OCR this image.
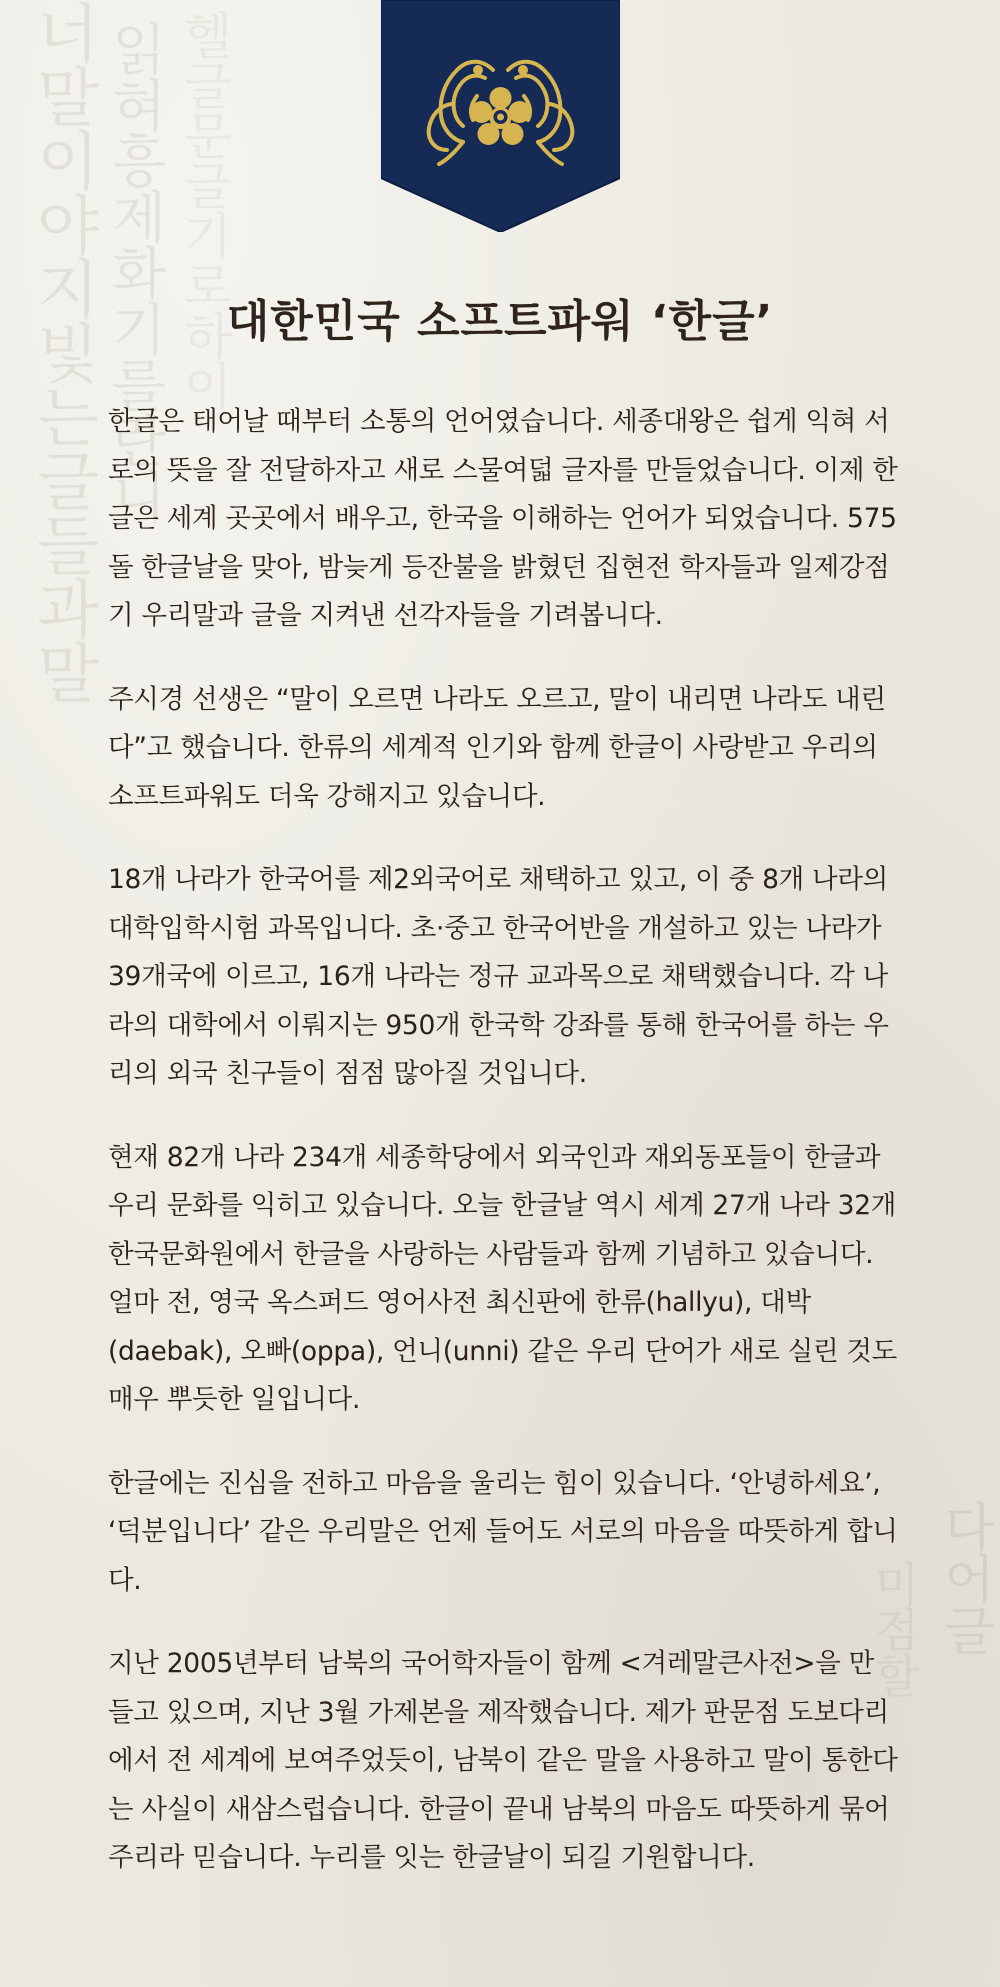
너말이야지빛는글들과말 읽혀흥제화기를란니 헬글문글기로하이
다어글
미점할
대한민국 소프트파워 ‘한글’

한글은 태어날 때부터 소통의 언어였습니다. 세종대왕은 쉽게 익혀 서로의 뜻을 잘 전달하자고 새로 스물여덟 글자를 만들었습니다. 이제 한글은 세계 곳곳에서 배우고, 한국을 이해하는 언어가 되었습니다. 575돌 한글날을 맞아, 밤늦게 등잔불을 밝혔던 집현전 학자들과 일제강점기 우리말과 글을 지켜낸 선각자들을 기려봅니다.

주시경 선생은 “말이 오르면 나라도 오르고, 말이 내리면 나라도 내린다”고 했습니다. 한류의 세계적 인기와 함께 한글이 사랑받고 우리의 소프트파워도 더욱 강해지고 있습니다.

18개 나라가 한국어를 제2외국어로 채택하고 있고, 이 중 8개 나라의 대학입학시험 과목입니다. 초·중고 한국어반을 개설하고 있는 나라가 39개국에 이르고, 16개 나라는 정규 교과목으로 채택했습니다. 각 나라의 대학에서 이뤄지는 950개 한국학 강좌를 통해 한국어를 하는 우리의 외국 친구들이 점점 많아질 것입니다.

현재 82개 나라 234개 세종학당에서 외국인과 재외동포들이 한글과 우리 문화를 익히고 있습니다. 오늘 한글날 역시 세계 27개 나라 32개 한국문화원에서 한글을 사랑하는 사람들과 함께 기념하고 있습니다. 얼마 전, 영국 옥스퍼드 영어사전 최신판에 한류(hallyu), 대박(daebak), 오빠(oppa), 언니(unni) 같은 우리 단어가 새로 실린 것도 매우 뿌듯한 일입니다.

한글에는 진심을 전하고 마음을 울리는 힘이 있습니다. ‘안녕하세요’, ‘덕분입니다’ 같은 우리말은 언제 들어도 서로의 마음을 따뜻하게 합니다.

지난 2005년부터 남북의 국어학자들이 함께 <겨레말큰사전>을 만들고 있으며, 지난 3월 가제본을 제작했습니다. 제가 판문점 도보다리에서 전 세계에 보여주었듯이, 남북이 같은 말을 사용하고 말이 통한다는 사실이 새삼스럽습니다. 한글이 끝내 남북의 마음도 따뜻하게 묶어주리라 믿습니다. 누리를 잇는 한글날이 되길 기원합니다.
